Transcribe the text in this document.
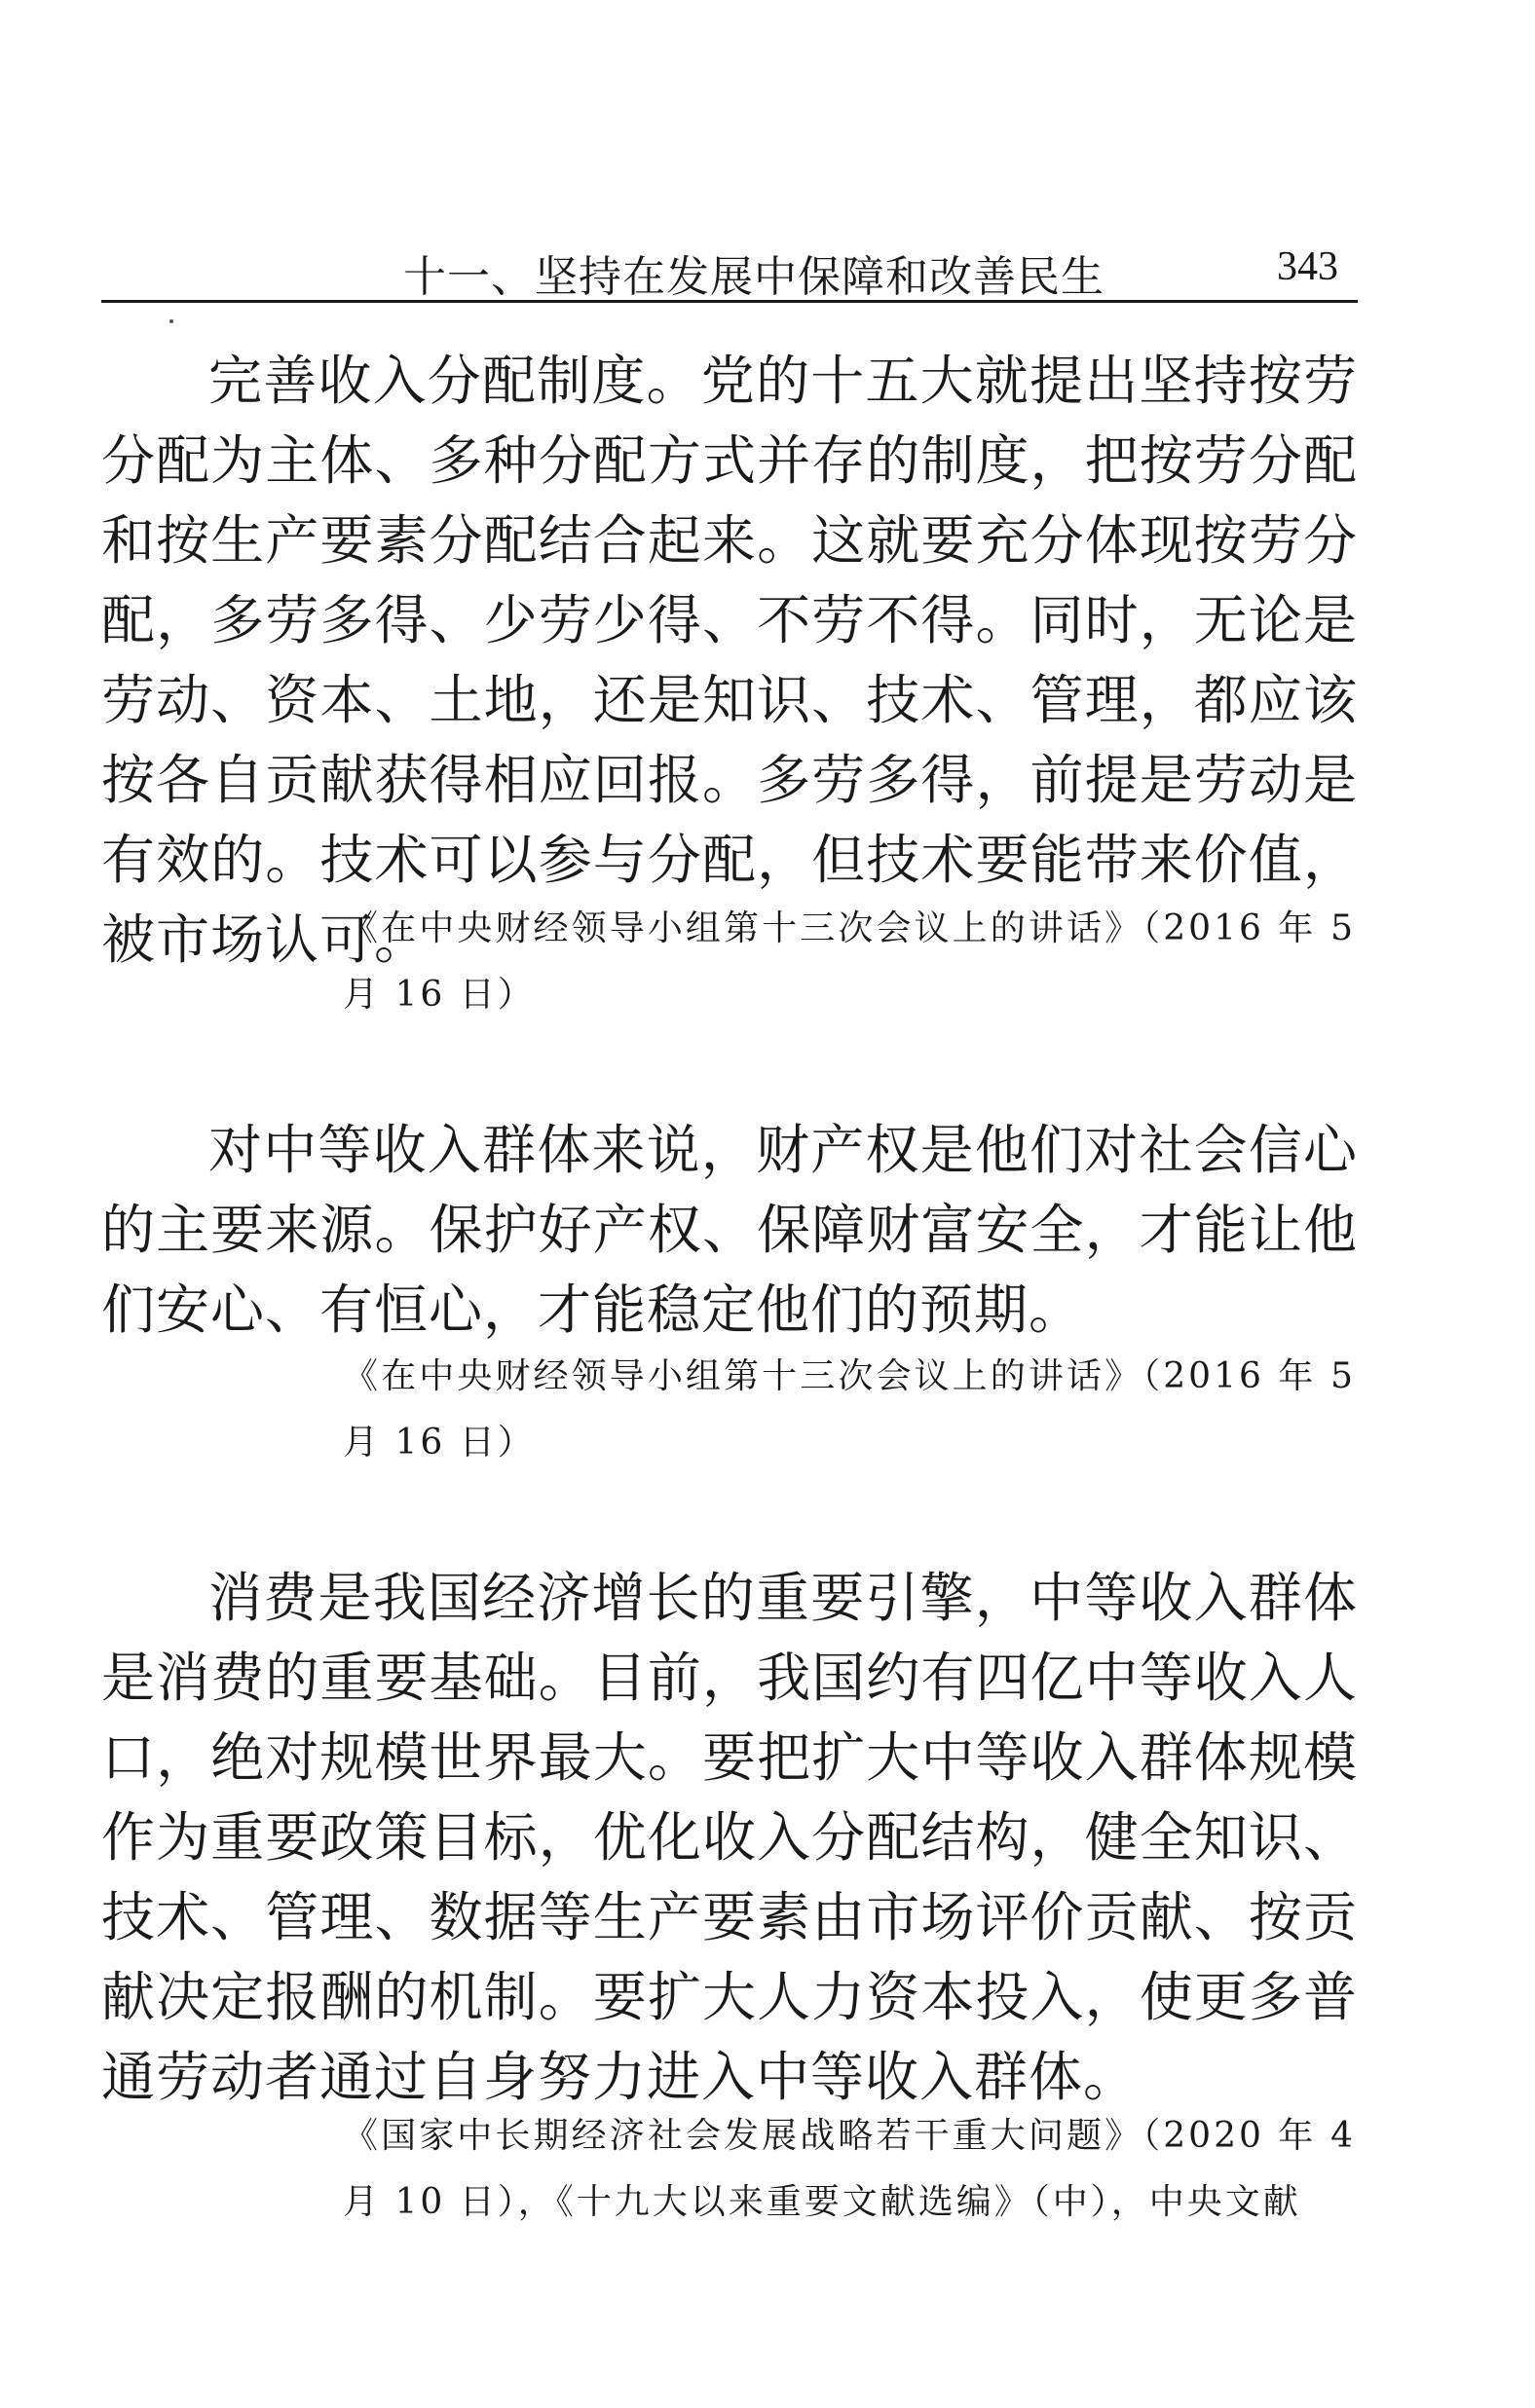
十一、坚持在发展中保障和改善民生	343

完善收入分配制度。党的十五大就提出坚持按劳分配为主体、多种分配方式并存的制度，把按劳分配和按生产要素分配结合起来。这就要充分体现按劳分配，多劳多得、少劳少得、不劳不得。同时，无论是劳动、资本、土地，还是知识、技术、管理，都应该按各自贡献获得相应回报。多劳多得，前提是劳动是有效的。技术可以参与分配，但技术要能带来价值，被市场认可。

《在中央财经领导小组第十三次会议上的讲话》（2016 年 5 月 16 日）

对中等收入群体来说，财产权是他们对社会信心的主要来源。保护好产权、保障财富安全，才能让他们安心、有恒心，才能稳定他们的预期。

《在中央财经领导小组第十三次会议上的讲话》（2016 年 5 月 16 日）

消费是我国经济增长的重要引擎，中等收入群体是消费的重要基础。目前，我国约有四亿中等收入人口，绝对规模世界最大。要把扩大中等收入群体规模作为重要政策目标，优化收入分配结构，健全知识、技术、管理、数据等生产要素由市场评价贡献、按贡献决定报酬的机制。要扩大人力资本投入，使更多普通劳动者通过自身努力进入中等收入群体。

《国家中长期经济社会发展战略若干重大问题》（2020 年 4 月 10 日），《十九大以来重要文献选编》（中），中央文献
